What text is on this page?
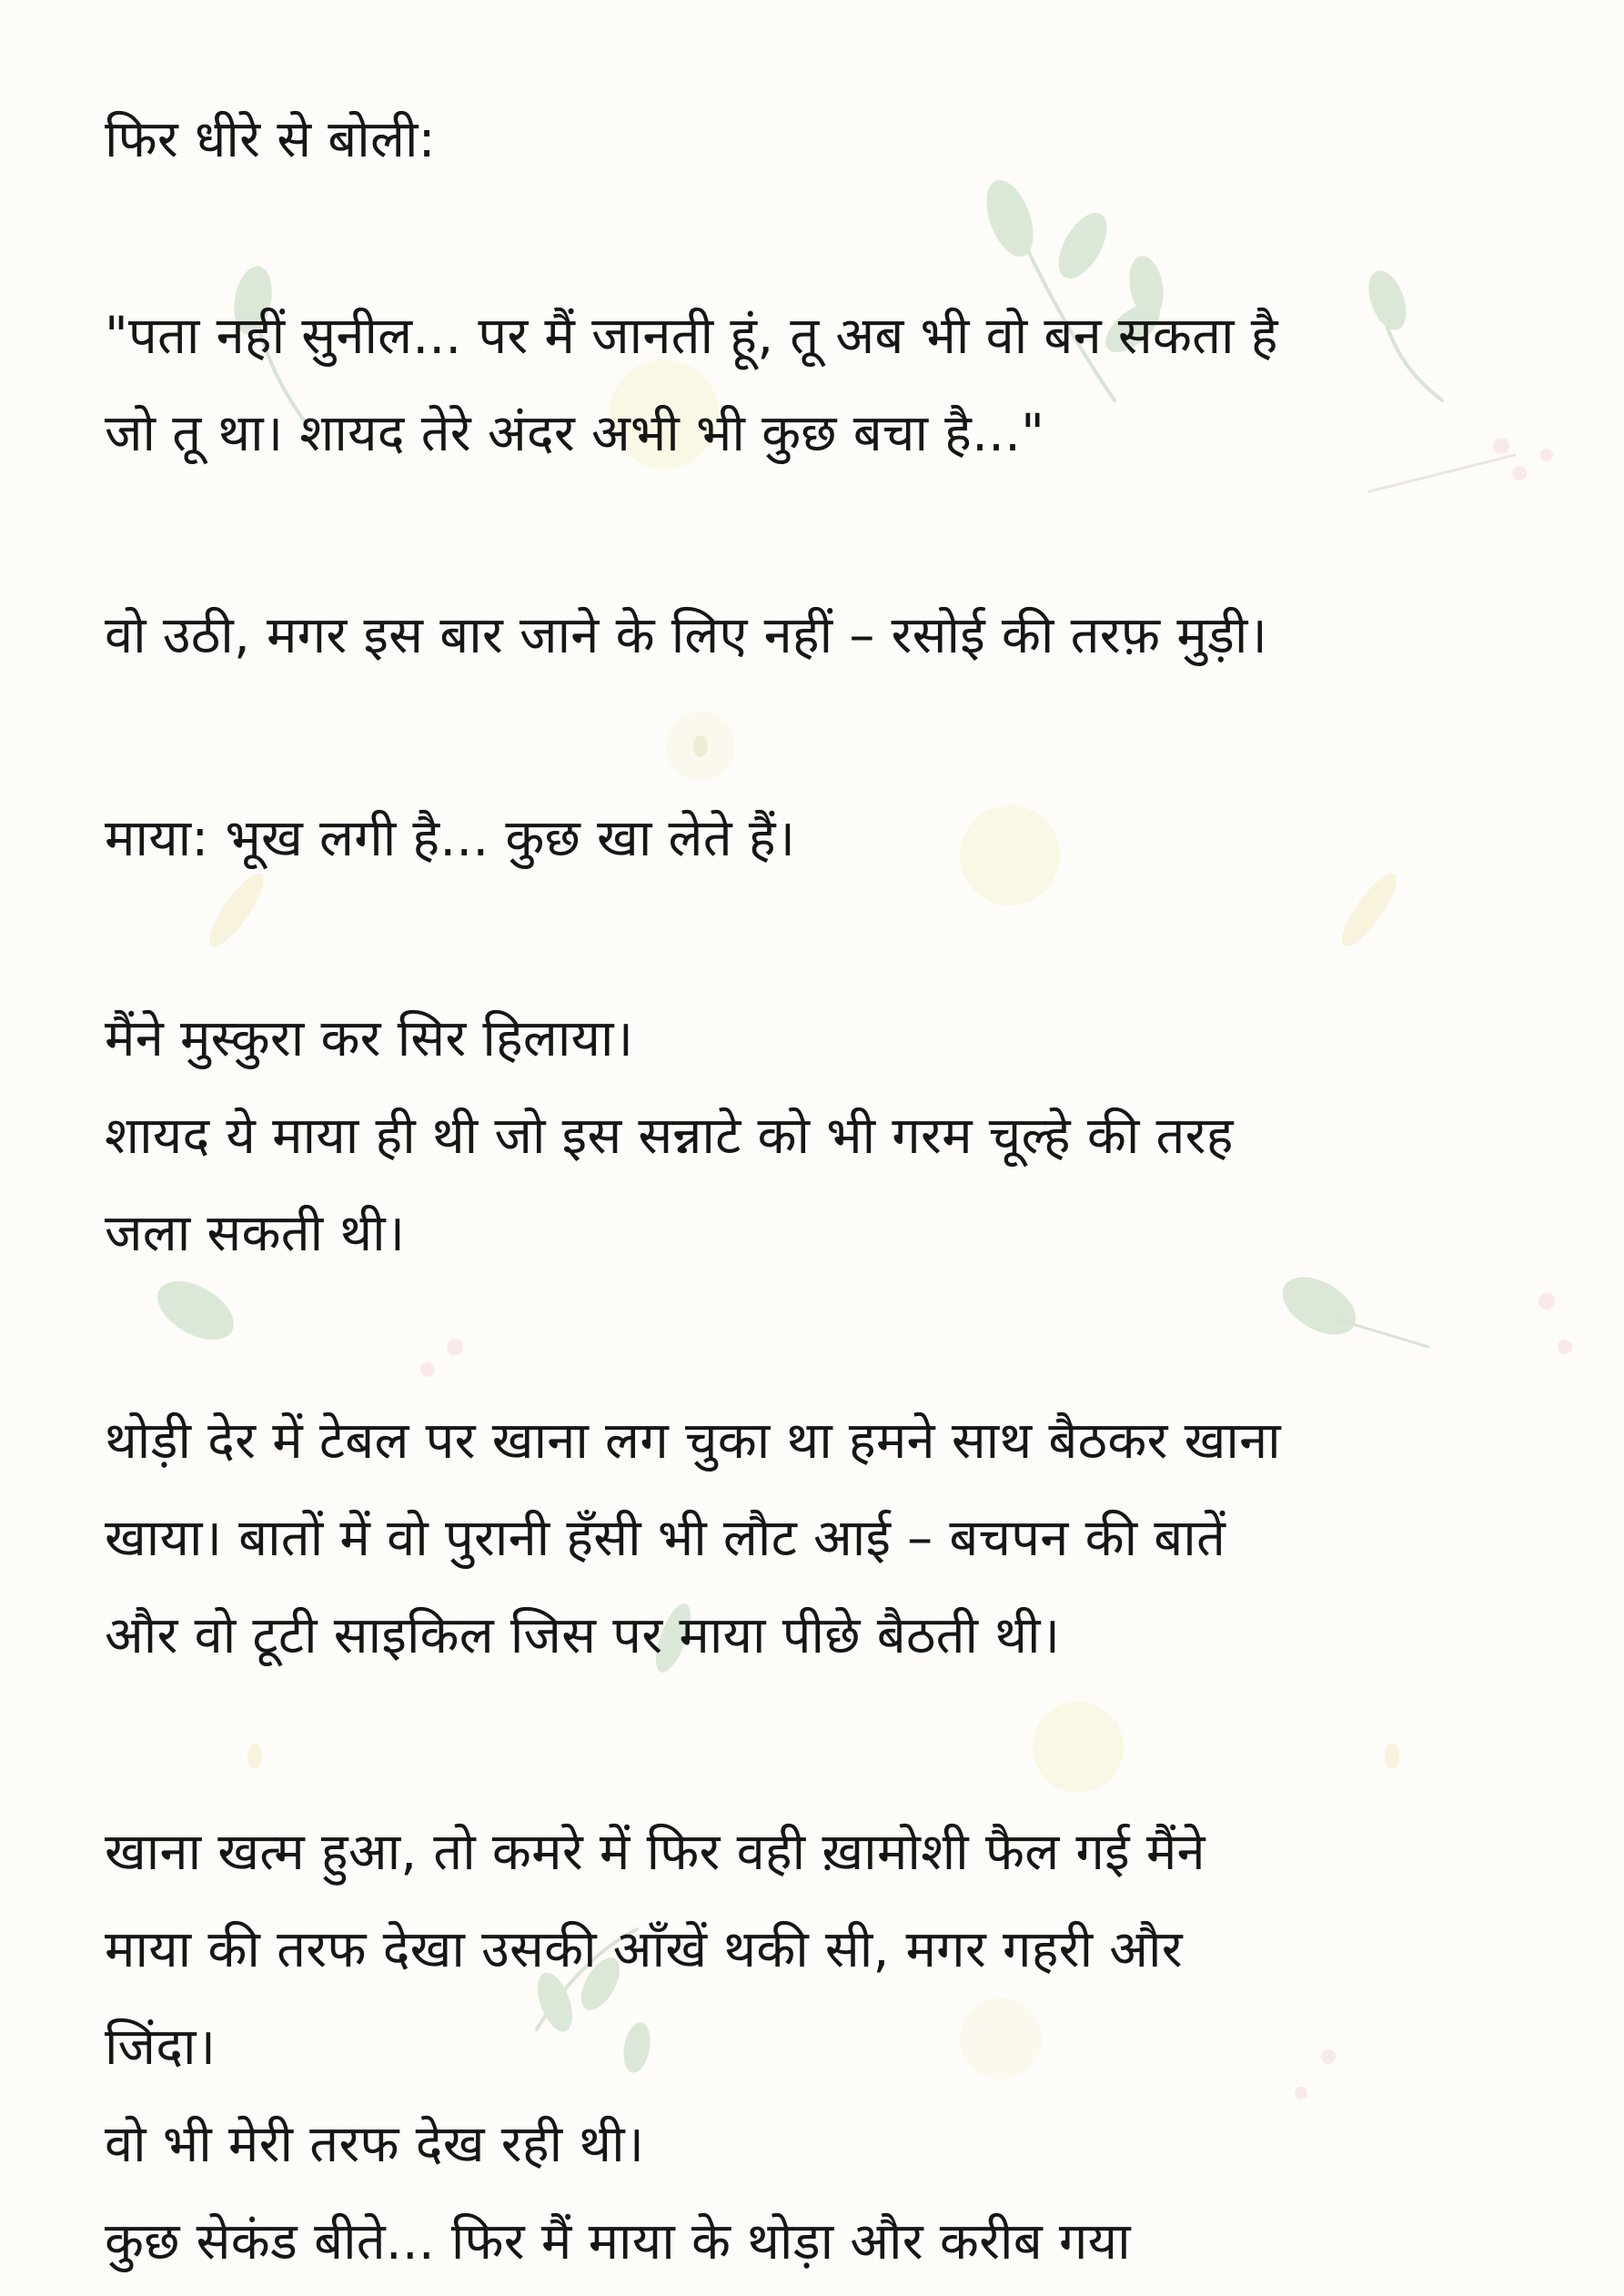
फिर धीरे से बोली:
"पता नहीं सुनील... पर मैं जानती हूं, तू अब भी वो बन सकता है
जो तू था। शायद तेरे अंदर अभी भी कुछ बचा है..."
वो उठी, मगर इस बार जाने के लिए नहीं – रसोई की तरफ़ मुड़ी।
माया: भूख लगी है... कुछ खा लेते हैं।
मैंने मुस्कुरा कर सिर हिलाया।
शायद ये माया ही थी जो इस सन्नाटे को भी गरम चूल्हे की तरह
जला सकती थी।
थोड़ी देर में टेबल पर खाना लग चुका था हमने साथ बैठकर खाना
खाया। बातों में वो पुरानी हँसी भी लौट आई – बचपन की बातें
और वो टूटी साइकिल जिस पर माया पीछे बैठती थी।
खाना खत्म हुआ, तो कमरे में फिर वही ख़ामोशी फैल गई मैंने
माया की तरफ देखा उसकी आँखें थकी सी, मगर गहरी और
जिंदा।
वो भी मेरी तरफ देख रही थी।
कुछ सेकंड बीते... फिर मैं माया के थोड़ा और करीब गया
